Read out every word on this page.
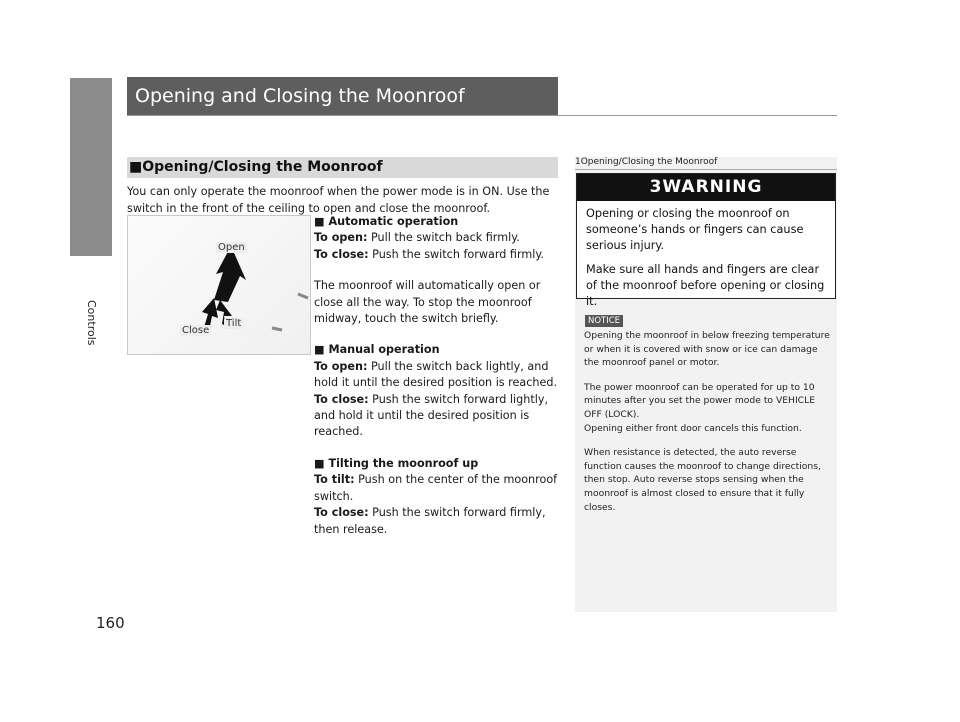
Controls
160
Opening and Closing the Moonroof
■Opening/Closing the Moonroof
You can only operate the moonroof when the power mode is in ON. Use the switch in the front of the ceiling to open and close the moonroof.
Open
Tilt
Close

■ Automatic operation

To open: Pull the switch back firmly.

To close: Push the switch forward firmly.

The moonroof will automatically open or close all the way. To stop the moonroof midway, touch the switch briefly.

■ Manual operation

To open: Pull the switch back lightly, and hold it until the desired position is reached.

To close: Push the switch forward lightly, and hold it until the desired position is reached.

■ Tilting the moonroof up

To tilt: Push on the center of the moonroof switch.

To close: Push the switch forward firmly, then release.

1Opening/Closing the Moonroof
3WARNING

Opening or closing the moonroof on someone’s hands or fingers can cause serious injury.

Make sure all hands and fingers are clear of the moonroof before opening or closing it.

NOTICE

Opening the moonroof in below freezing temperature or when it is covered with snow or ice can damage the moonroof panel or motor.

The power moonroof can be operated for up to 10 minutes after you set the power mode to VEHICLE OFF (LOCK).

Opening either front door cancels this function.

When resistance is detected, the auto reverse function causes the moonroof to change directions, then stop. Auto reverse stops sensing when the moonroof is almost closed to ensure that it fully closes.
